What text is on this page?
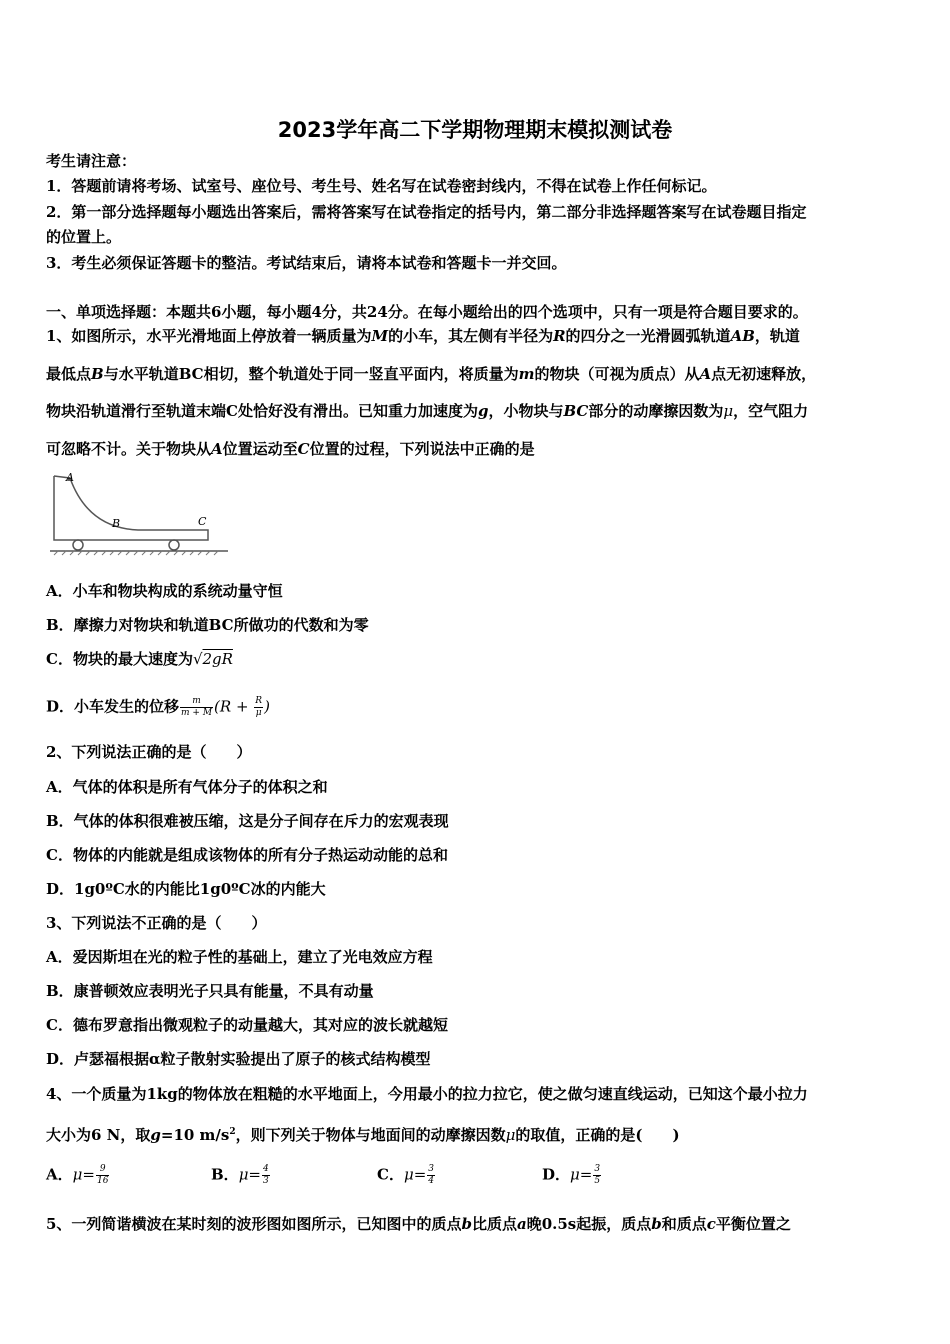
2023学年高二下学期物理期末模拟测试卷
考生请注意：
1．答题前请将考场、试室号、座位号、考生号、姓名写在试卷密封线内，不得在试卷上作任何标记。
2．第一部分选择题每小题选出答案后，需将答案写在试卷指定的括号内，第二部分非选择题答案写在试卷题目指定
的位置上。
3．考生必须保证答题卡的整洁。考试结束后，请将本试卷和答题卡一并交回。
一、单项选择题：本题共6小题，每小题4分，共24分。在每小题给出的四个选项中，只有一项是符合题目要求的。
1、如图所示，水平光滑地面上停放着一辆质量为M的小车，其左侧有半径为R的四分之一光滑圆弧轨道AB，轨道
最低点B与水平轨道BC相切，整个轨道处于同一竖直平面内，将质量为m的物块（可视为质点）从A点无初速释放，
物块沿轨道滑行至轨道末端C处恰好没有滑出。已知重力加速度为g，小物块与BC部分的动摩擦因数为μ，空气阻力
可忽略不计。关于物块从A位置运动至C位置的过程，下列说法中正确的是
A
B	C
A．小车和物块构成的系统动量守恒
B．摩擦力对物块和轨道BC所做功的代数和为零
C．物块的最大速度为√2gR
D．小车发生的位移 $\frac{m}{m + M} (R + \frac{R}{\mu}$ )
2、下列说法正确的是（　　）
A．气体的体积是所有气体分子的体积之和
B．气体的体积很难被压缩，这是分子间存在斥力的宏观表现
C．物体的内能就是组成该物体的所有分子热运动动能的总和
D．1g0ºC水的内能比1g0ºC冰的内能大
3、下列说法不正确的是（　　）
A．爱因斯坦在光的粒子性的基础上，建立了光电效应方程
B．康普顿效应表明光子只具有能量，不具有动量
C．德布罗意指出微观粒子的动量越大，其对应的波长就越短
D．卢瑟福根据α粒子散射实验提出了原子的核式结构模型
4、一个质量为1kg的物体放在粗糙的水平地面上，今用最小的拉力拉它，使之做匀速直线运动，已知这个最小拉力
大小为6 N，取g=10 $m/s^2$，则下列关于物体与地面间的动摩擦因数μ的取值，正确的是(　　)
A．$\mu= \frac{9}{16}$	B．$\mu= \frac{4}{3}$	C．$\mu= \frac{3}{4}$	D．$\mu= \frac{3}{5}$
5、一列简谐横波在某时刻的波形图如图所示，已知图中的质点b比质点a晚0.5s起振，质点b和质点c平衡位置之
